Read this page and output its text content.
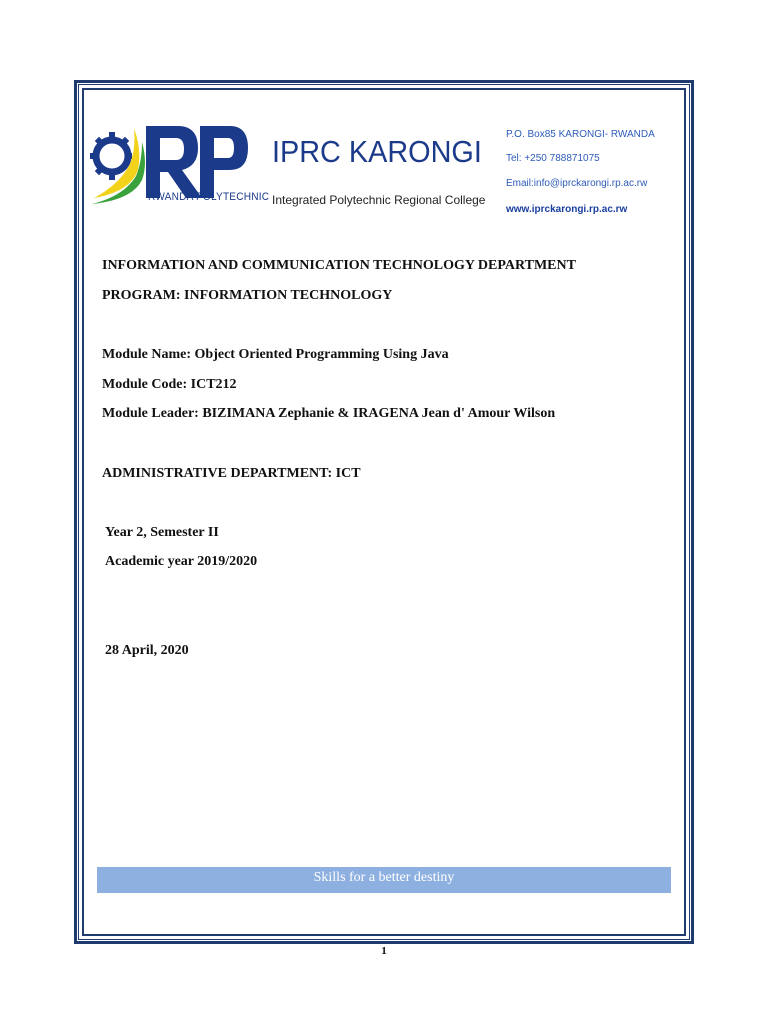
RWANDA POLYTECHNIC
IPRC KARONGI
Integrated Polytechnic Regional College
P.O. Box85 KARONGI- RWANDA
Tel: +250 788871075
Email:info@iprckarongi.rp.ac.rw
www.iprckarongi.rp.ac.rw
INFORMATION AND COMMUNICATION TECHNOLOGY DEPARTMENT
PROGRAM: INFORMATION TECHNOLOGY
Module Name: Object Oriented Programming Using Java
Module Code: ICT212
Module Leader: BIZIMANA Zephanie & IRAGENA Jean d' Amour Wilson
ADMINISTRATIVE DEPARTMENT: ICT
Year 2, Semester II
Academic year 2019/2020
28 April, 2020
Skills for a better destiny
1
